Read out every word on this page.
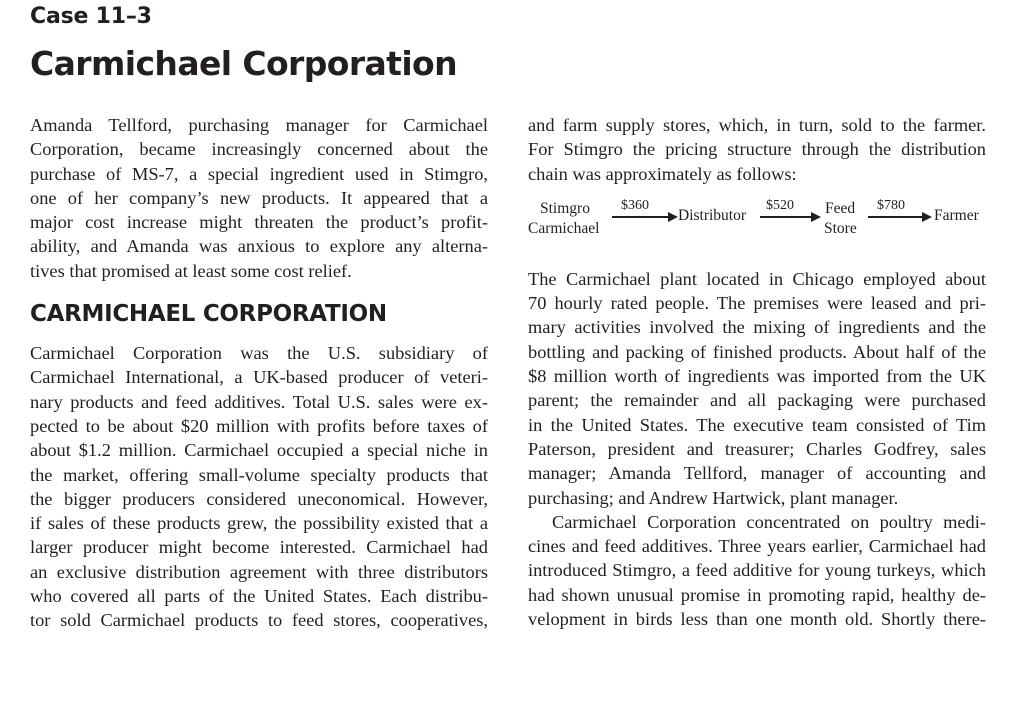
Case 11–3
Carmichael Corporation

Amanda Tellford, purchasing manager for Carmichael

Corporation, became increasingly concerned about the

purchase of MS-7, a special ingredient used in Stimgro,

one of her company’s new products. It appeared that a

major cost increase might threaten the product’s profit-

ability, and Amanda was anxious to explore any alterna-

tives that promised at least some cost relief.

CARMICHAEL CORPORATION

Carmichael Corporation was the U.S. subsidiary of

Carmichael International, a UK-based producer of veteri-

nary products and feed additives. Total U.S. sales were ex-

pected to be about $20 million with profits before taxes of

about $1.2 million. Carmichael occupied a special niche in

the market, offering small-volume specialty products that

the bigger producers considered uneconomical. However,

if sales of these products grew, the possibility existed that a

larger producer might become interested. Carmichael had

an exclusive distribution agreement with three distributors

who covered all parts of the United States. Each distribu-

tor sold Carmichael products to feed stores, cooperatives,

and farm supply stores, which, in turn, sold to the farmer.

For Stimgro the pricing structure through the distribution

chain was approximately as follows:

Stimgro
Carmichael
$360
Distributor
$520 Feed
Store
$780
Farmer

The Carmichael plant located in Chicago employed about

70 hourly rated people. The premises were leased and pri-

mary activities involved the mixing of ingredients and the

bottling and packing of finished products. About half of the

$8 million worth of ingredients was imported from the UK

parent; the remainder and all packaging were purchased

in the United States. The executive team consisted of Tim

Paterson, president and treasurer; Charles Godfrey, sales

manager; Amanda Tellford, manager of accounting and

purchasing; and Andrew Hartwick, plant manager.

Carmichael Corporation concentrated on poultry medi-

cines and feed additives. Three years earlier, Carmichael had

introduced Stimgro, a feed additive for young turkeys, which

had shown unusual promise in promoting rapid, healthy de-

velopment in birds less than one month old. Shortly there-
